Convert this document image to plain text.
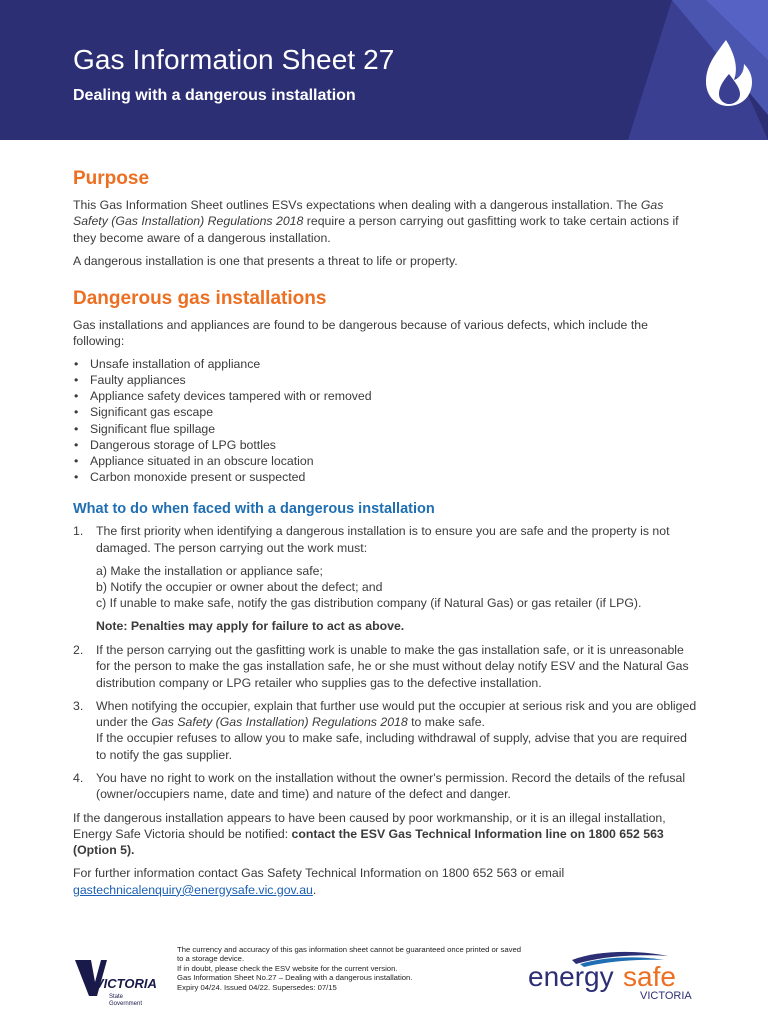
Gas Information Sheet 27
Dealing with a dangerous installation
Purpose

This Gas Information Sheet outlines ESVs expectations when dealing with a dangerous installation. The Gas Safety (Gas Installation) Regulations 2018 require a person carrying out gasfitting work to take certain actions if they become aware of a dangerous installation.

A dangerous installation is one that presents a threat to life or property.

Dangerous gas installations

Gas installations and appliances are found to be dangerous because of various defects, which include the following:

• Unsafe installation of appliance
• Faulty appliances
• Appliance safety devices tampered with or removed
• Significant gas escape
• Significant flue spillage
• Dangerous storage of LPG bottles
• Appliance situated in an obscure location
• Carbon monoxide present or suspected
What to do when faced with a dangerous installation
1. The first priority when identifying a dangerous installation is to ensure you are safe and the property is not damaged. The person carrying out the work must:
a) Make the installation or appliance safe;
b) Notify the occupier or owner about the defect; and
c) If unable to make safe, notify the gas distribution company (if Natural Gas) or gas retailer (if LPG).
Note: Penalties may apply for failure to act as above.
2. If the person carrying out the gasfitting work is unable to make the gas installation safe, or it is unreasonable for the person to make the gas installation safe, he or she must without delay notify ESV and the Natural Gas distribution company or LPG retailer who supplies gas to the defective installation.
3. When notifying the occupier, explain that further use would put the occupier at serious risk and you are obliged under the Gas Safety (Gas Installation) Regulations 2018 to make safe.
If the occupier refuses to allow you to make safe, including withdrawal of supply, advise that you are required to notify the gas supplier.
4. You have no right to work on the installation without the owner's permission. Record the details of the refusal (owner/occupiers name, date and time) and nature of the defect and danger.

If the dangerous installation appears to have been caused by poor workmanship, or it is an illegal installation, Energy Safe Victoria should be notified: contact the ESV Gas Technical Information line on 1800 652 563 (Option 5).

For further information contact Gas Safety Technical Information on 1800 652 563 or email gastechnicalenquiry@energysafe.vic.gov.au.

VICTORIA
State
Government
The currency and accuracy of this gas information sheet cannot be guaranteed once printed or saved to a storage device.
If in doubt, please check the ESV website for the current version.
Gas Information Sheet No.27 – Dealing with a dangerous installation.
Expiry 04/24. Issued 04/22. Supersedes: 07/15	energy safe
VICTORIA
